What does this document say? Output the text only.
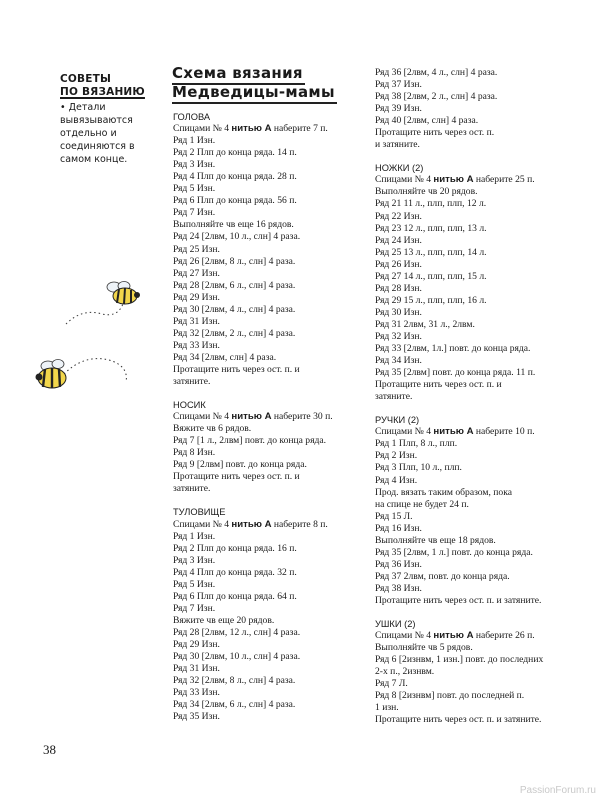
СОВЕТЫ
ПО ВЯЗАНИЮ
• Детали вывязываются отдельно и соединяются в самом конце.
Схема вязания
Медведицы-мамы

ГОЛОВА

Спицами № 4 нитью А наберите 7 п.

Ряд 1 Изн.

Ряд 2 Плп до конца ряда. 14 п.

Ряд 3 Изн.

Ряд 4 Плп до конца ряда. 28 п.

Ряд 5 Изн.

Ряд 6 Плп до конца ряда. 56 п.

Ряд 7 Изн.

Выполняйте чв еще 16 рядов.

Ряд 24 [2лвм, 10 л., слн] 4 раза.

Ряд 25 Изн.

Ряд 26 [2лвм, 8 л., слн] 4 раза.

Ряд 27 Изн.

Ряд 28 [2лвм, 6 л., слн] 4 раза.

Ряд 29 Изн.

Ряд 30 [2лвм, 4 л., слн] 4 раза.

Ряд 31 Изн.

Ряд 32 [2лвм, 2 л., слн] 4 раза.

Ряд 33 Изн.

Ряд 34 [2лвм, слн] 4 раза.

Протащите нить через ост. п. и

затяните.

НОСИК

Спицами № 4 нитью А наберите 30 п.

Вяжите чв 6 рядов.

Ряд 7 [1 л., 2лвм] повт. до конца ряда.

Ряд 8 Изн.

Ряд 9 [2лвм] повт. до конца ряда.

Протащите нить через ост. п. и

затяните.

ТУЛОВИЩЕ

Спицами № 4 нитью А наберите 8 п.

Ряд 1 Изн.

Ряд 2 Плп до конца ряда. 16 п.

Ряд 3 Изн.

Ряд 4 Плп до конца ряда. 32 п.

Ряд 5 Изн.

Ряд 6 Плп до конца ряда. 64 п.

Ряд 7 Изн.

Вяжите чв еще 20 рядов.

Ряд 28 [2лвм, 12 л., слн] 4 раза.

Ряд 29 Изн.

Ряд 30 [2лвм, 10 л., слн] 4 раза.

Ряд 31 Изн.

Ряд 32 [2лвм, 8 л., слн] 4 раза.

Ряд 33 Изн.

Ряд 34 [2лвм, 6 л., слн] 4 раза.

Ряд 35 Изн.

Ряд 36 [2лвм, 4 л., слн] 4 раза.

Ряд 37 Изн.

Ряд 38 [2лвм, 2 л., слн] 4 раза.

Ряд 39 Изн.

Ряд 40 [2лвм, слн] 4 раза.

Протащите нить через ост. п.

и затяните.

НОЖКИ (2)

Спицами № 4 нитью А наберите 25 п.

Выполняйте чв 20 рядов.

Ряд 21 11 л., плп, плп, 12 л.

Ряд 22 Изн.

Ряд 23 12 л., плп, плп, 13 л.

Ряд 24 Изн.

Ряд 25 13 л., плп, плп, 14 л.

Ряд 26 Изн.

Ряд 27 14 л., плп, плп, 15 л.

Ряд 28 Изн.

Ряд 29 15 л., плп, плп, 16 л.

Ряд 30 Изн.

Ряд 31 2лвм, 31 л., 2лвм.

Ряд 32 Изн.

Ряд 33 [2лвм, 1л.] повт. до конца ряда.

Ряд 34 Изн.

Ряд 35 [2лвм] повт. до конца ряда. 11 п.

Протащите нить через ост. п. и

затяните.

РУЧКИ (2)

Спицами № 4 нитью А наберите 10 п.

Ряд 1 Плп, 8 л., плп.

Ряд 2 Изн.

Ряд 3 Плп, 10 л., плп.

Ряд 4 Изн.

Прод. вязать таким образом, пока

на спице не будет 24 п.

Ряд 15 Л.

Ряд 16 Изн.

Выполняйте чв еще 18 рядов.

Ряд 35 [2лвм, 1 л.] повт. до конца ряда.

Ряд 36 Изн.

Ряд 37 2лвм, повт. до конца ряда.

Ряд 38 Изн.

Протащите нить через ост. п. и затяните.

УШКИ (2)

Спицами № 4 нитью А наберите 26 п.

Выполняйте чв 5 рядов.

Ряд 6 [2изнвм, 1 изн.] повт. до последних

2-х п., 2изнвм.

Ряд 7 Л.

Ряд 8 [2изнвм] повт. до последней п.

1 изн.

Протащите нить через ост. п. и затяните.

38
PassionForum.ru
